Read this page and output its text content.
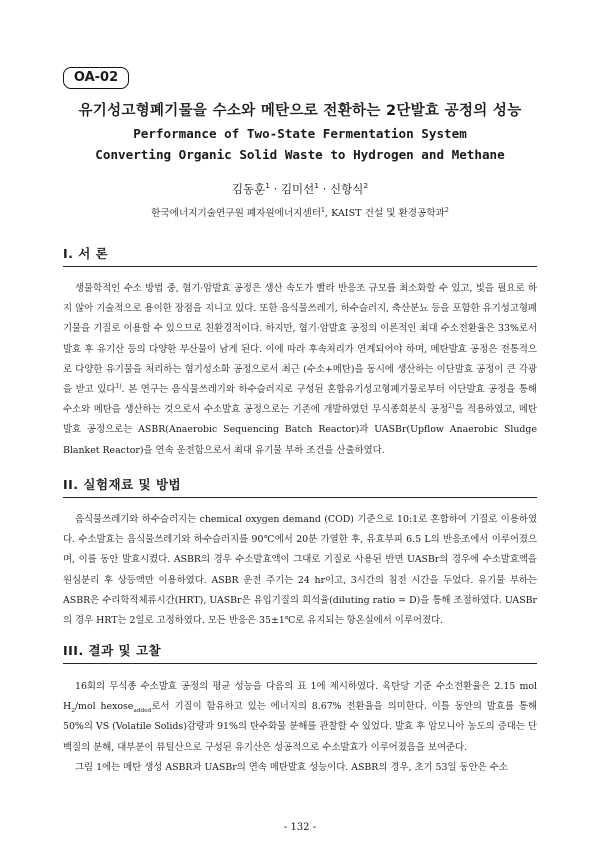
OA-02
유기성고형폐기물을 수소와 메탄으로 전환하는 2단발효 공정의 성능
Performance of Two-State Fermentation System
Converting Organic Solid Waste to Hydrogen and Methane
김동훈$^1$ · 김미선$^1$ · 신항식$^2$
한국에너지기술연구원 폐자원에너지센터$^1$, KAIST 건설 및 환경공학과$^2$
I. 서 론

생물학적인 수소 방법 중, 혐기·암발효 공정은 생산 속도가 빨라 반응조 규모를 최소화할 수 있고, 빛을 필요로 하지 않아 기술적으로 용이한 장점을 지니고 있다. 또한 음식물쓰레기, 하수슬러지, 축산분뇨 등을 포함한 유기성고형폐기물을 기질로 이용할 수 있으므로 친환경적이다. 하지만, 혐기·암발효 공정의 이론적인 최대 수소전환율은 33%로서 발효 후 유기산 등의 다양한 부산물이 남게 된다. 이에 따라 후속처리가 연계되어야 하며, 메탄발효 공정은 전통적으로 다양한 유기물을 처리하는 혐기성소화 공정으로서 최근 (수소+메탄)을 동시에 생산하는 이단발효 공정이 큰 각광을 받고 있다$^{1)}$. 본 연구는 음식물쓰레기와 하수슬러지로 구성된 혼합유기성고형폐기물로부터 이단발효 공정을 통해 수소와 메탄을 생산하는 것으로서 수소발효 공정으로는 기존에 개발하였던 무식종회분식 공정$^{2)}$을 적용하였고, 메탄발효 공정으로는 ASBR(Anaerobic Sequencing Batch Reactor)과 UASBr(Upflow Anaerobic Sludge Blanket Reactor)을 연속 운전함으로서 최대 유기물 부하 조건을 산출하였다.

II. 실험재료 및 방법

음식물쓰레기와 하수슬러지는 chemical oxygen demand (COD) 기준으로 10:1로 혼합하여 기질로 이용하였다. 수소발효는 음식물쓰레기와 하수슬러지를 90℃에서 20분 가열한 후, 유효부피 6.5 L의 반응조에서 이루어졌으며, 이를 동안 발효시켰다. ASBR의 경우 수소발효액이 그대로 기질로 사용된 반면 UASBr의 경우에 수소발효액을 원심분리 후 상등액만 이용하였다. ASBR 운전 주기는 24 hr이고, 3시간의 침전 시간을 두었다. 유기물 부하는 ASBR은 수리학적체류시간(HRT), UASBr은 유입기질의 희석율(diluting ratio = D)을 통해 조절하였다. UASBr의 경우 HRT는 2일로 고정하였다. 모든 반응은 35±1℃로 유지되는 항온실에서 이루어졌다.

III. 결과 및 고찰

16회의 무식종 수소발효 공정의 평균 성능을 다음의 표 1에 제시하였다. 육탄당 기준 수소전환율은 2.15 mol $H_2$/mol hexose$_{added}$로서 기질이 함유하고 있는 에너지의 8.67% 전환율을 의미한다. 이틀 동안의 발효를 통해 50%의 VS (Volatile Solids)감량과 91%의 탄수화물 분해를 관찰할 수 있었다. 발효 후 암모니아 농도의 증대는 단백질의 분해, 대부분이 뷰틸산으로 구성된 유기산은 성공적으로 수소발효가 이루어졌음을 보여준다.

그림 1에는 메탄 생성 ASBR과 UASBr의 연속 메탄발효 성능이다. ASBR의 경우, 초기 53일 동안은 수소

- 132 -
